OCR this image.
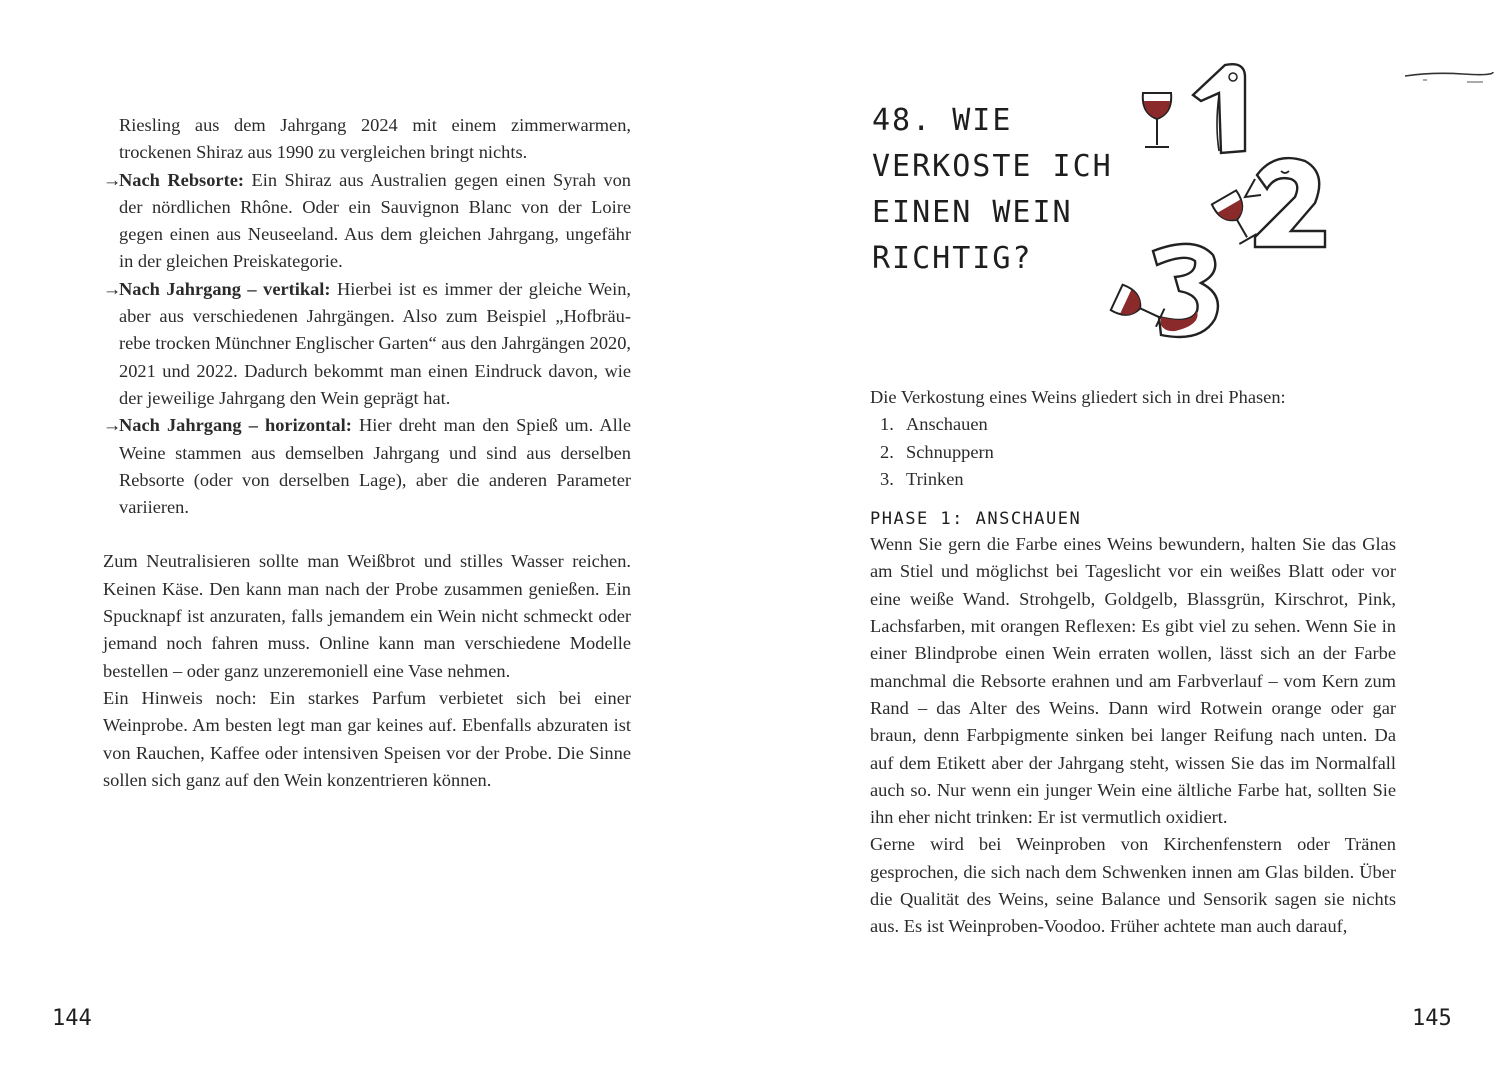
Riesling aus dem Jahrgang 2024 mit einem zimmerwarmen, trockenen Shiraz aus 1990 zu vergleichen bringt nichts.
→
Nach Rebsorte: Ein Shiraz aus Australien gegen einen Syrah von der nördlichen Rhône. Oder ein Sauvignon Blanc von der Loire gegen einen aus Neuseeland. Aus dem gleichen Jahrgang, ungefähr in der gleichen Preiskategorie.
→
Nach Jahrgang – vertikal: Hierbei ist es immer der gleiche Wein, aber aus verschiedenen Jahrgängen. Also zum Beispiel „Hofbräu-rebe trocken Münchner Englischer Garten“ aus den Jahrgängen 2020, 2021 und 2022. Dadurch bekommt man einen Eindruck davon, wie der jeweilige Jahrgang den Wein geprägt hat.
→
Nach Jahrgang – horizontal: Hier dreht man den Spieß um. Alle Weine stammen aus demselben Jahrgang und sind aus derselben Rebsorte (oder von derselben Lage), aber die anderen Parameter variieren.
Zum Neutralisieren sollte man Weißbrot und stilles Wasser reichen. Keinen Käse. Den kann man nach der Probe zusammen genießen. Ein Spucknapf ist anzuraten, falls jemandem ein Wein nicht schmeckt oder jemand noch fahren muss. Online kann man verschiedene Modelle bestellen – oder ganz unzeremoniell eine Vase nehmen.
Ein Hinweis noch: Ein starkes Parfum verbietet sich bei einer Weinprobe. Am besten legt man gar keines auf. Ebenfalls abzuraten ist von Rauchen, Kaffee oder intensiven Speisen vor der Probe. Die Sinne sollen sich ganz auf den Wein konzentrieren können.
144
48. WIE
VERKOSTE ICH
EINEN WEIN
RICHTIG?
Die Verkostung eines Weins gliedert sich in drei Phasen:
1. Anschauen
2. Schnuppern
3. Trinken
PHASE 1: ANSCHAUEN
Wenn Sie gern die Farbe eines Weins bewundern, halten Sie das Glas am Stiel und möglichst bei Tageslicht vor ein weißes Blatt oder vor eine weiße Wand. Strohgelb, Goldgelb, Blassgrün, Kirschrot, Pink, Lachsfarben, mit orangen Reflexen: Es gibt viel zu sehen. Wenn Sie in einer Blindprobe einen Wein erraten wollen, lässt sich an der Farbe manchmal die Rebsorte erahnen und am Farbverlauf – vom Kern zum Rand – das Alter des Weins. Dann wird Rotwein orange oder gar braun, denn Farbpigmente sinken bei langer Reifung nach unten. Da auf dem Etikett aber der Jahrgang steht, wissen Sie das im Normalfall auch so. Nur wenn ein junger Wein eine ältliche Farbe hat, sollten Sie ihn eher nicht trinken: Er ist vermutlich oxidiert.
Gerne wird bei Weinproben von Kirchenfenstern oder Tränen gesprochen, die sich nach dem Schwenken innen am Glas bilden. Über die Qualität des Weins, seine Balance und Sensorik sagen sie nichts aus. Es ist Weinproben-Voodoo. Früher achtete man auch darauf,
145
